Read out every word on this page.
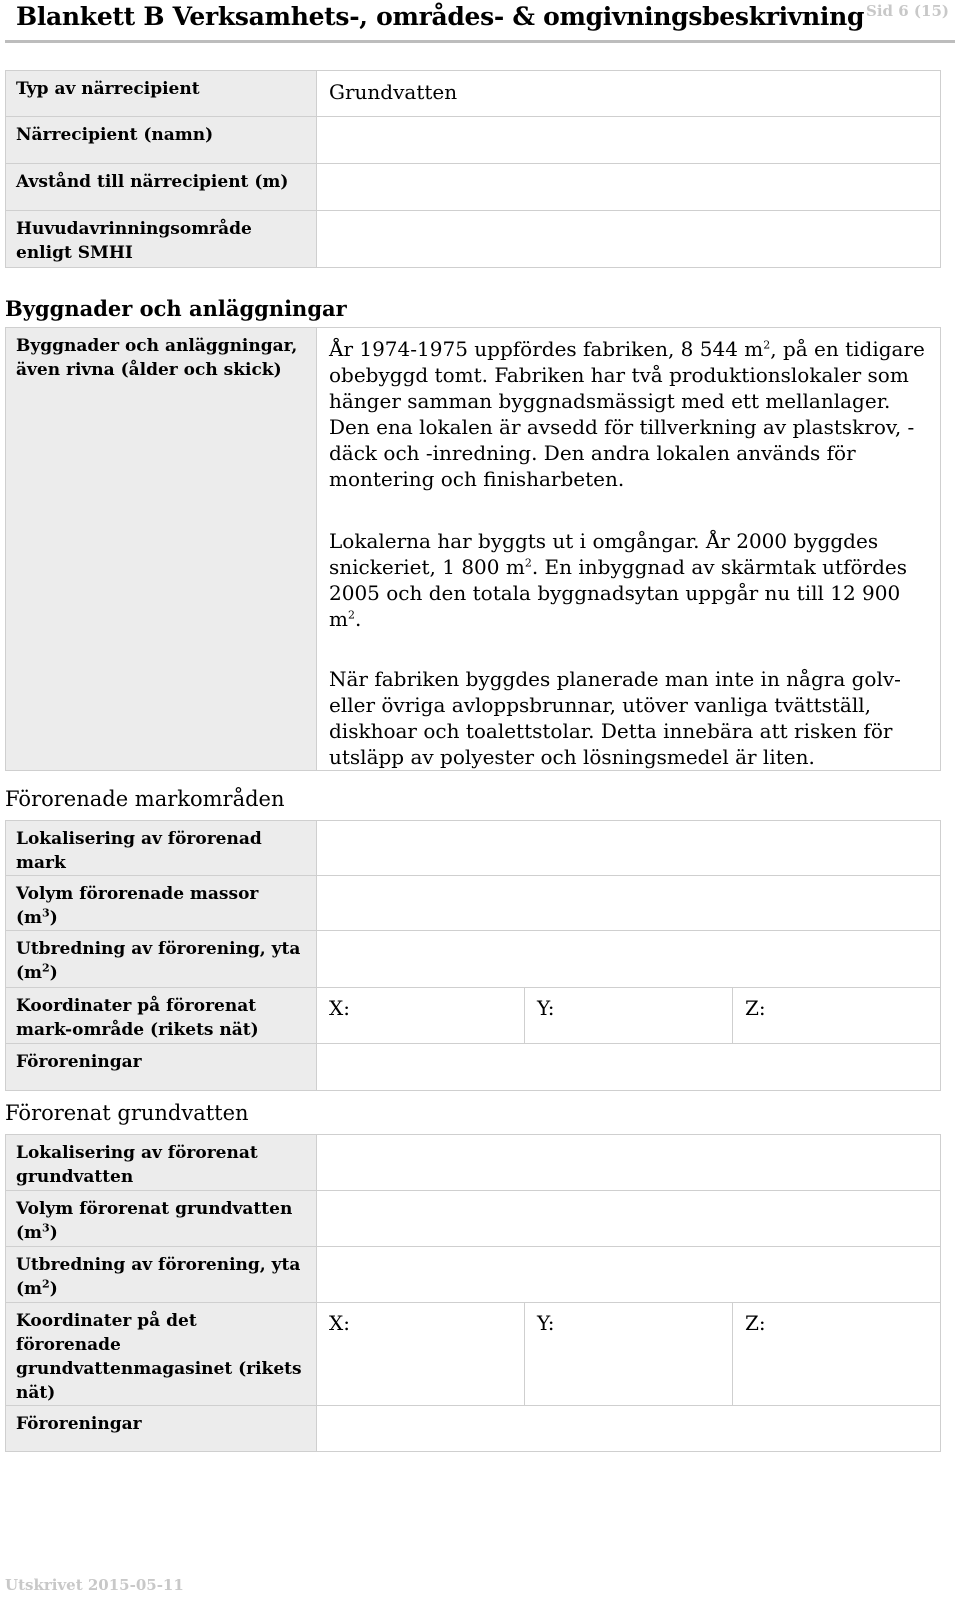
Blankett B Verksamhets-, områdes- & omgivningsbeskrivning Sid 6 (15)
Typ av närrecipient	Grundvatten
Närrecipient (namn)	
Avstånd till närrecipient (m)	
Huvudavrinningsområde enligt SMHI	
Byggnader och anläggningar
Byggnader och anläggningar, även rivna (ålder och skick)	

År 1974-1975 uppfördes fabriken, 8 544 $m^2$, på en tidigare obebyggd tomt. Fabriken har två produktionslokaler som hänger samman byggnadsmässigt med ett mellanlager. Den ena lokalen är avsedd för tillverkning av plastskrov, -däck och -inredning. Den andra lokalen används för montering och finisharbeten.

Lokalerna har byggts ut i omgångar. År 2000 byggdes snickeriet, 1 800 $m^2$. En inbyggnad av skärmtak utfördes 2005 och den totala byggnadsytan uppgår nu till 12 900 $m^2$.

När fabriken byggdes planerade man inte in några golv- eller övriga avloppsbrunnar, utöver vanliga tvättställ, diskhoar och toalettstolar. Detta innebära att risken för utsläpp av polyester och lösningsmedel är liten.

Förorenade markområden
Lokalisering av förorenad mark			
Volym förorenade massor $(m^3)$			
Utbredning av förorening, yta $(m^2)$			
Koordinater på förorenat mark-område (rikets nät)	X:	Y:	Z:
Föroreningar			
Förorenat grundvatten
Lokalisering av förorenat grundvatten			
Volym förorenat grundvatten $(m^3)$			
Utbredning av förorening, yta $(m^2)$			
Koordinater på det förorenade grundvattenmagasinet (rikets nät)	X:	Y:	Z:
Föroreningar			
Utskrivet 2015-05-11
